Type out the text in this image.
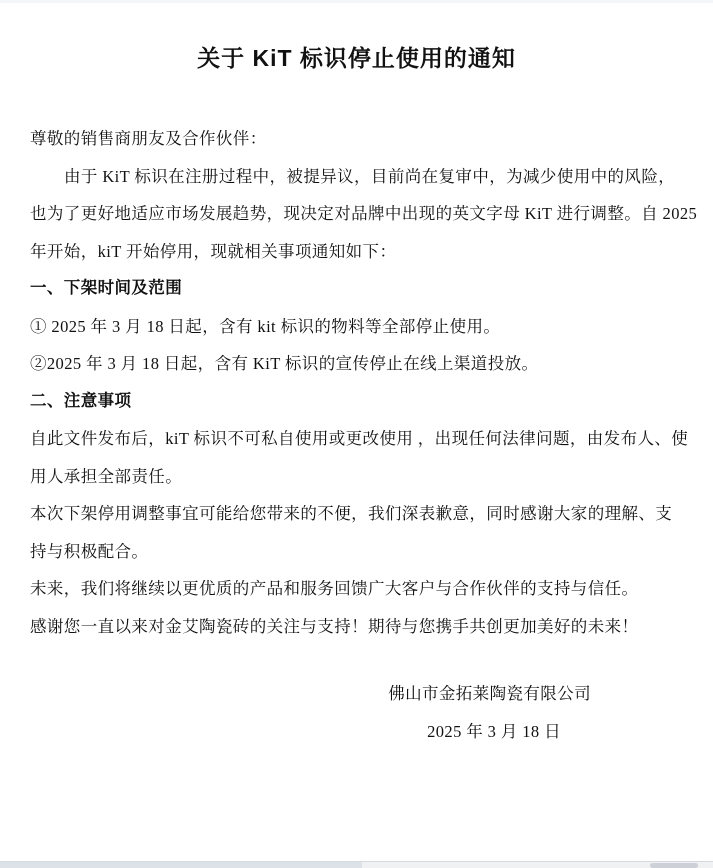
关于 KiT 标识停止使用的通知

尊敬的销售商朋友及合作伙伴：

由于 KiT 标识在注册过程中，被提异议，目前尚在复审中，为减少使用中的风险，

也为了更好地适应市场发展趋势，现决定对品牌中出现的英文字母 KiT 进行调整。自 2025

年开始，kiT 开始停用，现就相关事项通知如下：

一、下架时间及范围

① 2025 年 3 月 18 日起，含有 kit 标识的物料等全部停止使用。

②2025 年 3 月 18 日起，含有 KiT 标识的宣传停止在线上渠道投放。

二、注意事项

自此文件发布后，kiT 标识不可私自使用或更改使用 ，出现任何法律问题，由发布人、使

用人承担全部责任。

本次下架停用调整事宜可能给您带来的不便，我们深表歉意，同时感谢大家的理解、支

持与积极配合。

未来，我们将继续以更优质的产品和服务回馈广大客户与合作伙伴的支持与信任。

感谢您一直以来对金艾陶瓷砖的关注与支持！期待与您携手共创更加美好的未来！

佛山市金拓莱陶瓷有限公司

2025 年 3 月 18 日
